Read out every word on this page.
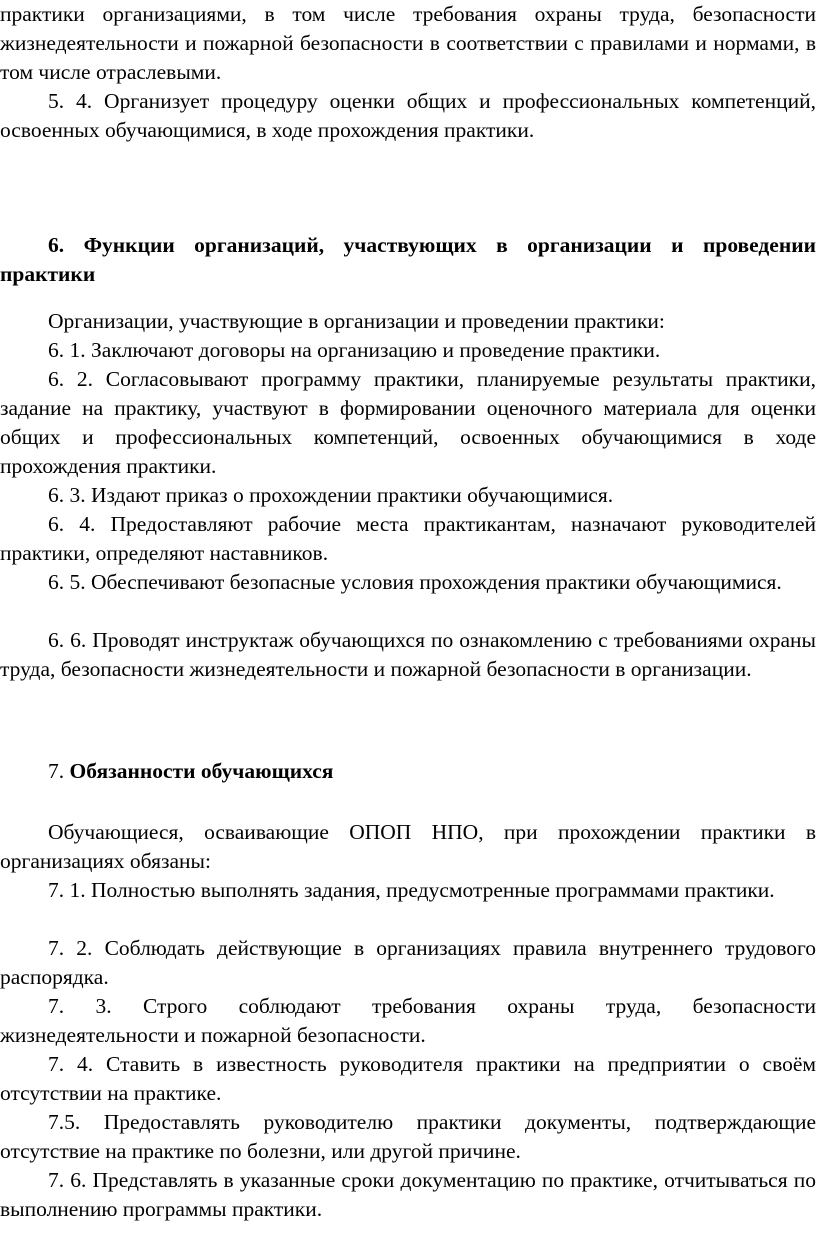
практики организациями, в том числе требования охраны труда, безопасности жизнедеятельности и пожарной безопасности в соответствии с правилами и нормами, в том числе отраслевыми.

5. 4. Организует процедуру оценки общих и профессиональных компетенций, освоенных обучающимися, в ходе прохождения практики.

6. Функции организаций, участвующих в организации и проведении практики

Организации, участвующие в организации и проведении практики:

6. 1. Заключают договоры на организацию и проведение практики.

6. 2. Согласовывают программу практики, планируемые результаты практики, задание на практику, участвуют в формировании оценочного материала для оценки общих и профессиональных компетенций, освоенных обучающимися в ходе прохождения практики.

6. 3. Издают приказ о прохождении практики обучающимися.

6. 4. Предоставляют рабочие места практикантам, назначают руководителей практики, определяют наставников.

6. 5. Обеспечивают безопасные условия прохождения практики обучающимися.

6. 6. Проводят инструктаж обучающихся по ознакомлению с требованиями охраны труда, безопасности жизнедеятельности и пожарной безопасности в организации.

7. Обязанности обучающихся

Обучающиеся, осваивающие ОПОП НПО, при прохождении практики в организациях обязаны:

7. 1. Полностью выполнять задания, предусмотренные программами практики.

7. 2. Соблюдать действующие в организациях правила внутреннего трудового распорядка.

7. 3. Строго соблюдают требования охраны труда, безопасности жизнедеятельности и пожарной безопасности.

7. 4. Ставить в известность руководителя практики на предприятии о своём отсутствии на практике.

7.5. Предоставлять руководителю практики документы, подтверждающие отсутствие на практике по болезни, или другой причине.

7. 6. Представлять в указанные сроки документацию по практике, отчитываться по выполнению программы практики.
